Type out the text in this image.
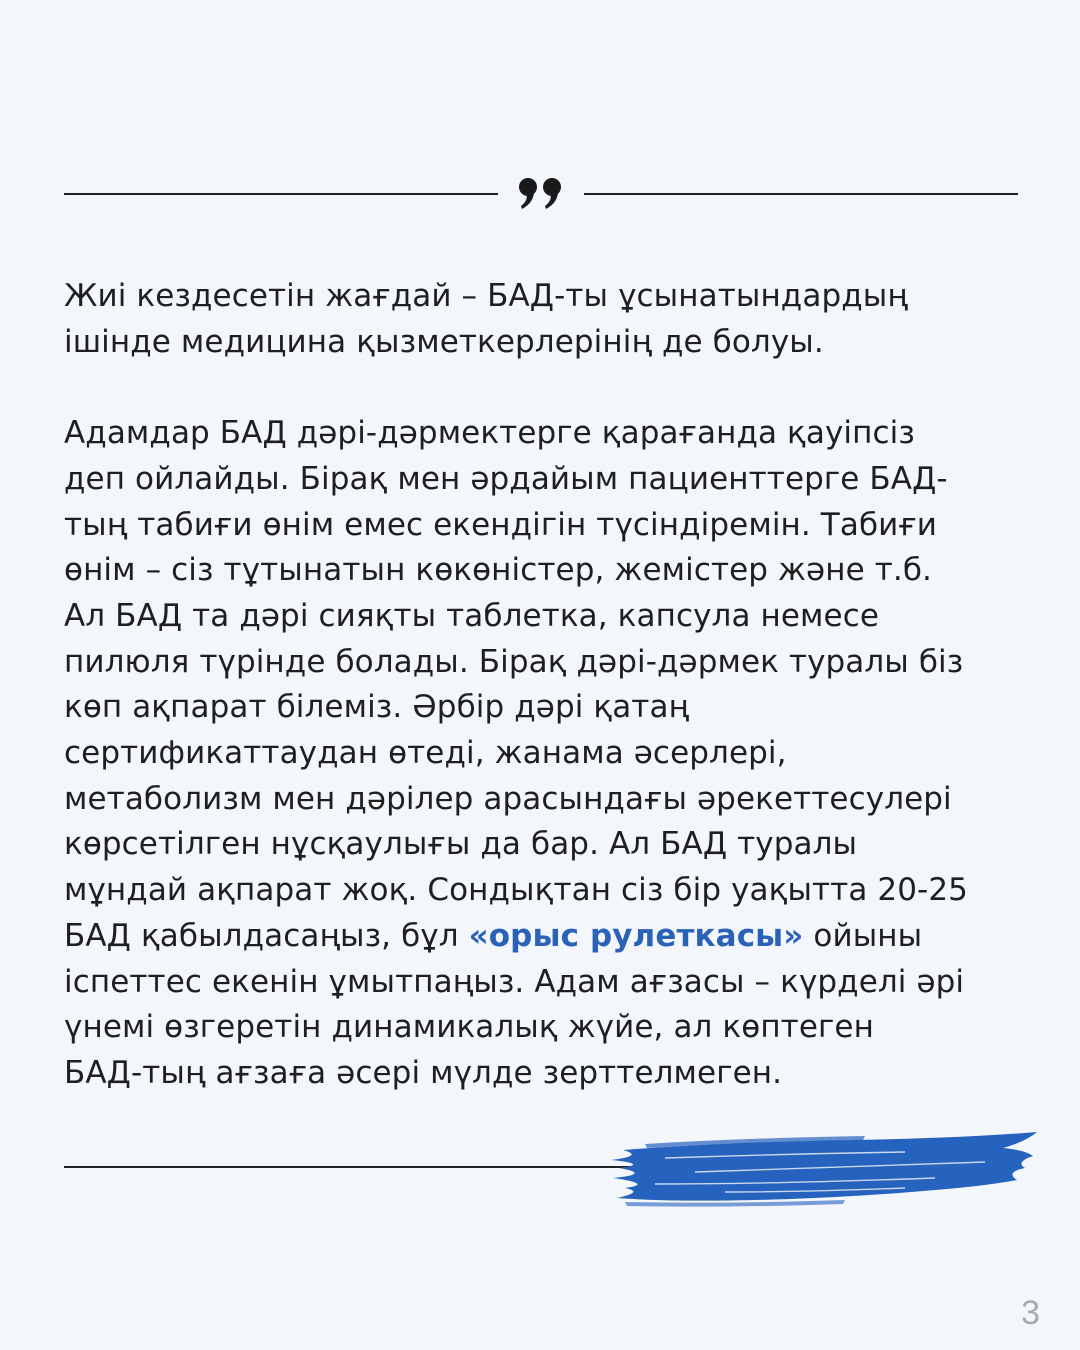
Жиі кездесетін жағдай – БАД-ты ұсынатындардың
ішінде медицина қызметкерлерінің де болуы.

Адамдар БАД дәрі-дәрмектерге қарағанда қауіпсіз
деп ойлайды. Бірақ мен әрдайым пациенттерге БАД-
тың табиғи өнім емес екендігін түсіндіремін. Табиғи
өнім – сіз тұтынатын көкөністер, жемістер және т.б.
Ал БАД та дәрі сияқты таблетка, капсула немесе
пилюля түрінде болады. Бірақ дәрі-дәрмек туралы біз
көп ақпарат білеміз. Әрбір дәрі қатаң
сертификаттаудан өтеді, жанама әсерлері,
метаболизм мен дәрілер арасындағы әрекеттесулері
көрсетілген нұсқаулығы да бар. Ал БАД туралы
мұндай ақпарат жоқ. Сондықтан сіз бір уақытта 20-25
БАД қабылдасаңыз, бұл «орыс рулеткасы» ойыны
іспеттес екенін ұмытпаңыз. Адам ағзасы – күрделі әрі
үнемі өзгеретін динамикалық жүйе, ал көптеген
БАД-тың ағзаға әсері мүлде зерттелмеген.

3
